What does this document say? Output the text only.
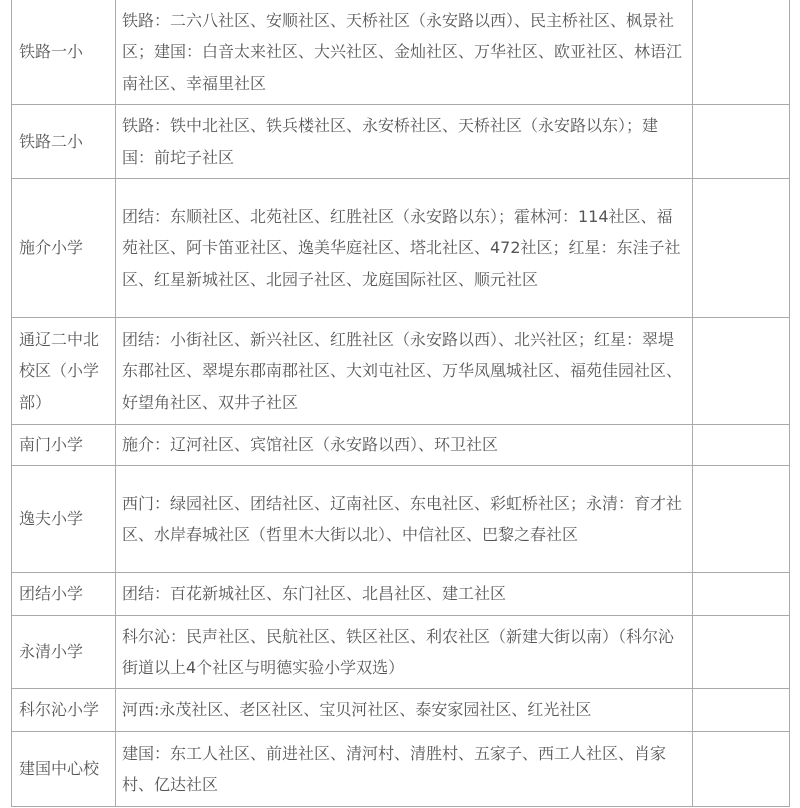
铁路一小	铁路：二六八社区、安顺社区、天桥社区（永安路以西）、民主桥社区、枫景社区；建国：白音太来社区、大兴社区、金灿社区、万华社区、欧亚社区、林语江南社区、幸福里社区	
铁路二小	铁路：铁中北社区、铁兵楼社区、永安桥社区、天桥社区（永安路以东）；建国：前坨子社区	
施介小学	团结：东顺社区、北苑社区、红胜社区（永安路以东）；霍林河：114社区、福苑社区、阿卡笛亚社区、逸美华庭社区、塔北社区、472社区；红星：东洼子社区、红星新城社区、北园子社区、龙庭国际社区、顺元社区	
通辽二中北校区（小学部）	团结：小街社区、新兴社区、红胜社区（永安路以西）、北兴社区；红星：翠堤东郡社区、翠堤东郡南郡社区、大刘屯社区、万华凤凰城社区、福苑佳园社区、好望角社区、双井子社区	
南门小学	施介：辽河社区、宾馆社区（永安路以西）、环卫社区	
逸夫小学	西门：绿园社区、团结社区、辽南社区、东电社区、彩虹桥社区；永清：育才社区、水岸春城社区（哲里木大街以北）、中信社区、巴黎之春社区	
团结小学	团结：百花新城社区、东门社区、北昌社区、建工社区	
永清小学	科尔沁：民声社区、民航社区、铁区社区、利农社区（新建大街以南）（科尔沁街道以上4个社区与明德实验小学双选）	
科尔沁小学	河西:永茂社区、老区社区、宝贝河社区、泰安家园社区、红光社区	
建国中心校	建国：东工人社区、前进社区、清河村、清胜村、五家子、西工人社区、肖家村、亿达社区	
